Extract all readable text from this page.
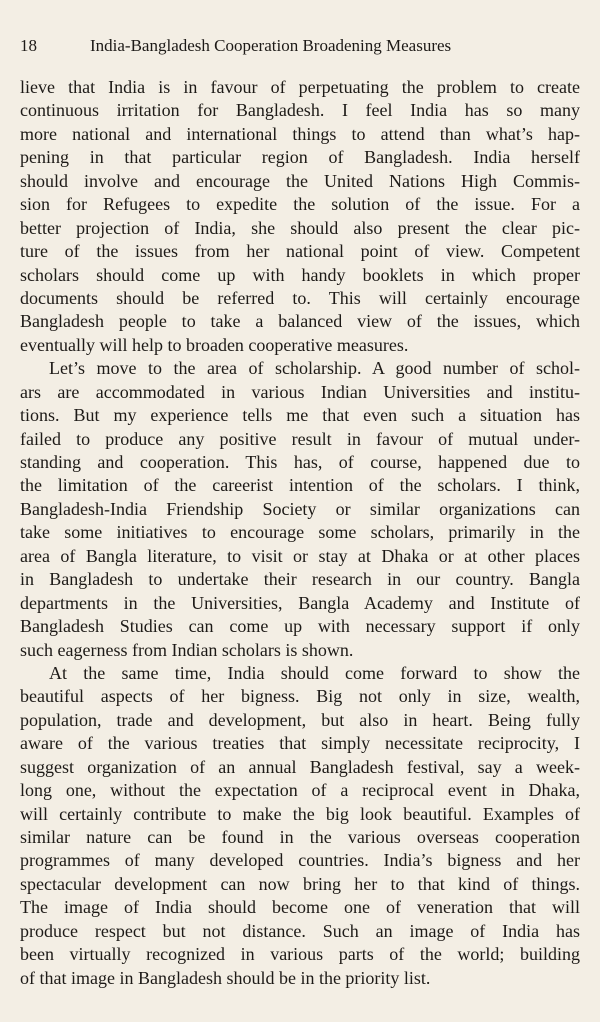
18	India-Bangladesh Cooperation Broadening Measures
lieve that India is in favour of perpetuating the problem to create
continuous irritation for Bangladesh. I feel India has so many
more national and international things to attend than what’s hap-
pening in that particular region of Bangladesh. India herself
should involve and encourage the United Nations High Commis-
sion for Refugees to expedite the solution of the issue. For a
better projection of India, she should also present the clear pic-
ture of the issues from her national point of view. Competent
scholars should come up with handy booklets in which proper
documents should be referred to. This will certainly encourage
Bangladesh people to take a balanced view of the issues, which
eventually will help to broaden cooperative measures.
Let’s move to the area of scholarship. A good number of schol-
ars are accommodated in various Indian Universities and institu-
tions. But my experience tells me that even such a situation has
failed to produce any positive result in favour of mutual under-
standing and cooperation. This has, of course, happened due to
the limitation of the careerist intention of the scholars. I think,
Bangladesh-India Friendship Society or similar organizations can
take some initiatives to encourage some scholars, primarily in the
area of Bangla literature, to visit or stay at Dhaka or at other places
in Bangladesh to undertake their research in our country. Bangla
departments in the Universities, Bangla Academy and Institute of
Bangladesh Studies can come up with necessary support if only
such eagerness from Indian scholars is shown.
At the same time, India should come forward to show the
beautiful aspects of her bigness. Big not only in size, wealth,
population, trade and development, but also in heart. Being fully
aware of the various treaties that simply necessitate reciprocity, I
suggest organization of an annual Bangladesh festival, say a week-
long one, without the expectation of a reciprocal event in Dhaka,
will certainly contribute to make the big look beautiful. Examples of
similar nature can be found in the various overseas cooperation
programmes of many developed countries. India’s bigness and her
spectacular development can now bring her to that kind of things.
The image of India should become one of veneration that will
produce respect but not distance. Such an image of India has
been virtually recognized in various parts of the world; building
of that image in Bangladesh should be in the priority list.
